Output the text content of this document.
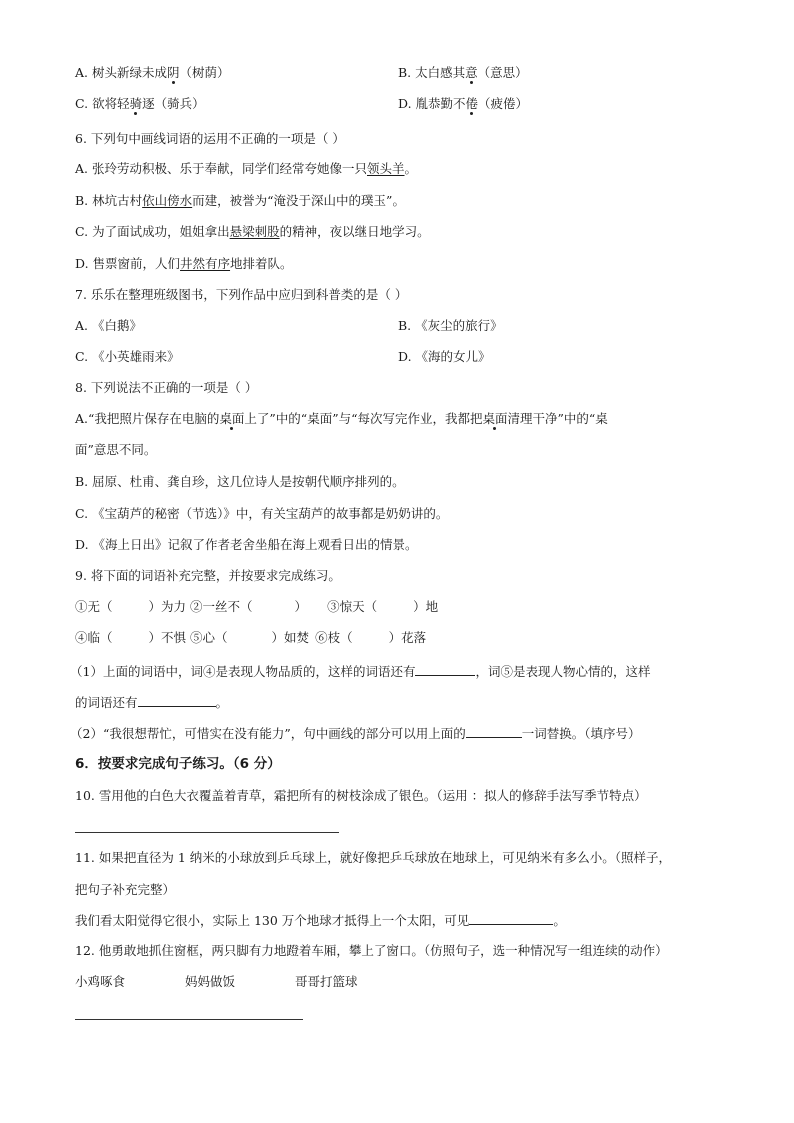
A. 树头新绿未成阴（树荫）	B. 太白感其意（意思）
C. 欲将轻骑逐（骑兵）	D. 胤恭勤不倦（疲倦）
6. 下列句中画线词语的运用不正确的一项是（ ）
A. 张玲劳动积极、乐于奉献，同学们经常夸她像一只领头羊。
B. 林坑古村依山傍水而建，被誉为“淹没于深山中的璞玉”。
C. 为了面试成功，姐姐拿出悬梁刺股的精神，夜以继日地学习。
D. 售票窗前，人们井然有序地排着队。
7. 乐乐在整理班级图书，下列作品中应归到科普类的是（ ）
A. 《白鹅》	B. 《灰尘的旅行》
C. 《小英雄雨来》	D. 《海的女儿》
8. 下列说法不正确的一项是（ ）
A.“我把照片保存在电脑的桌面上了”中的“桌面”与“每次写完作业，我都把桌面清理干净”中的“桌
面”意思不同。
B. 屈原、杜甫、龚自珍，这几位诗人是按朝代顺序排列的。
C. 《宝葫芦的秘密（节选）》中，有关宝葫芦的故事都是奶奶讲的。
D. 《海上日出》记叙了作者老舍坐船在海上观看日出的情景。
9. 将下面的词语补充完整，并按要求完成练习。
①无（	）为力 ②一丝不（	） ③惊天（	）地
④临（	）不惧 ⑤心（	）如焚 ⑥枝（	）花落
（1）上面的词语中，词④是表现人物品质的，这样的词语还有	，词⑤是表现人物心情的，这样
的词语还有	。
（2）“我很想帮忙，可惜实在没有能力”，句中画线的部分可以用上面的	一词替换。（填序号）
6．按要求完成句子练习。（6 分）
10. 雪用他的白色大衣覆盖着青草，霜把所有的树枝涂成了银色。（运用 ：拟人的修辞手法写季节特点）
11. 如果把直径为 1 纳米的小球放到乒乓球上，就好像把乒乓球放在地球上，可见纳米有多么小。（照样子，
把句子补充完整）
我们看太阳觉得它很小，实际上 130 万个地球才抵得上一个太阳，可见	。
12. 他勇敢地抓住窗框，两只脚有力地蹬着车厢，攀上了窗口。（仿照句子，选一种情况写一组连续的动作）
小鸡啄食	妈妈做饭	哥哥打篮球
